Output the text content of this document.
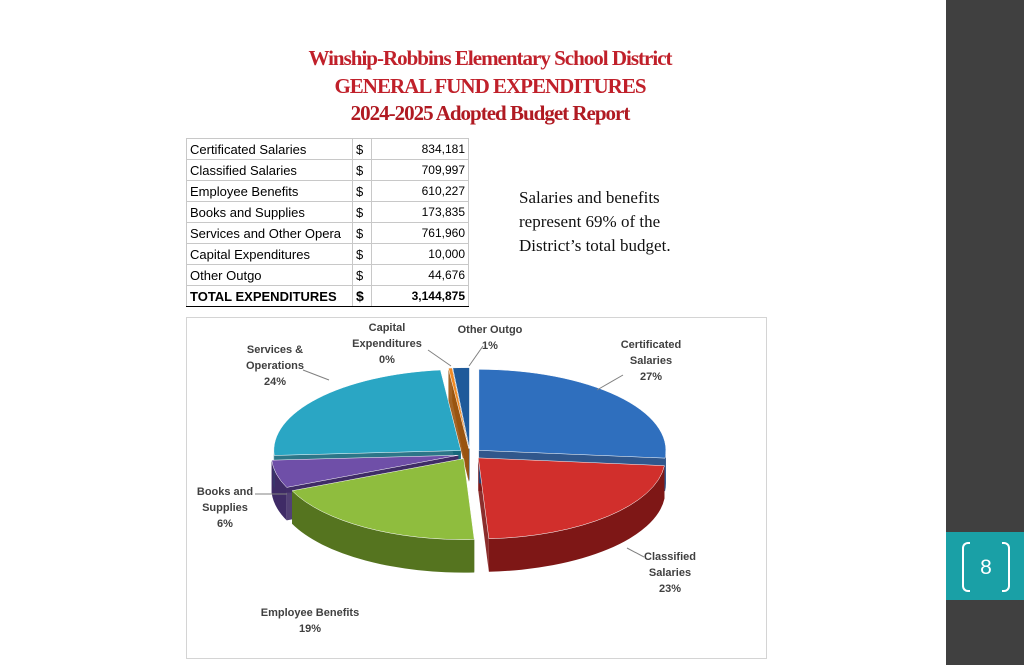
8
Winship-Robbins Elementary School District
GENERAL FUND EXPENDITURES
2024-2025 Adopted Budget Report
Certificated Salaries	$	834,181
Classified Salaries	$	709,997
Employee Benefits	$	610,227
Books and Supplies	$	173,835
Services and Other Opera	$	761,960
Capital Expenditures	$	10,000
Other Outgo	$	44,676
TOTAL EXPENDITURES	$	3,144,875
Salaries and benefits
represent 69% of the
District’s total budget.
Certificated
Salaries
27%
Classified
Salaries
23%
Employee Benefits
19%
Books and
Supplies
6%
Services &
Operations
24%
Capital
Expenditures
0%
Other Outgo
1%
